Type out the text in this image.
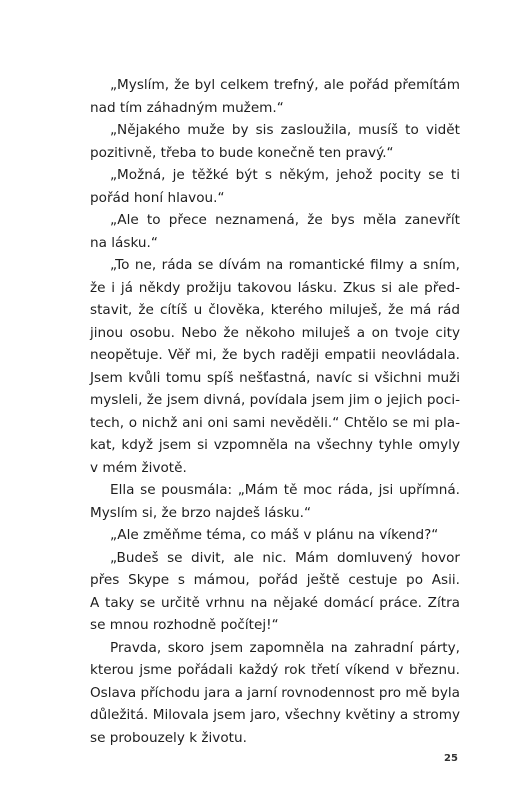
„Myslím, že byl celkem trefný, ale pořád přemítám
nad tím záhadným mužem.“
„Nějakého muže by sis zasloužila, musíš to vidět
pozitivně, třeba to bude konečně ten pravý.“
„Možná, je těžké být s někým, jehož pocity se ti
pořád honí hlavou.“
„Ale to přece neznamená, že bys měla zanevřít
na lásku.“
„To ne, ráda se dívám na romantické filmy a sním,
že i já někdy prožiju takovou lásku. Zkus si ale před-
stavit, že cítíš u člověka, kterého miluješ, že má rád
jinou osobu. Nebo že někoho miluješ a on tvoje city
neopětuje. Věř mi, že bych raději empatii neovládala.
Jsem kvůli tomu spíš nešťastná, navíc si všichni muži
mysleli, že jsem divná, povídala jsem jim o jejich poci-
tech, o nichž ani oni sami nevěděli.“ Chtělo se mi pla-
kat, když jsem si vzpomněla na všechny tyhle omyly
v mém životě.
Ella se pousmála: „Mám tě moc ráda, jsi upřímná.
Myslím si, že brzo najdeš lásku.“
„Ale změňme téma, co máš v plánu na víkend?“
„Budeš se divit, ale nic. Mám domluvený hovor
přes Skype s mámou, pořád ještě cestuje po Asii.
A taky se určitě vrhnu na nějaké domácí práce. Zítra
se mnou rozhodně počítej!“
Pravda, skoro jsem zapomněla na zahradní párty,
kterou jsme pořádali každý rok třetí víkend v březnu.
Oslava příchodu jara a jarní rovnodennost pro mě byla
důležitá. Milovala jsem jaro, všechny květiny a stromy
se probouzely k životu.
25
